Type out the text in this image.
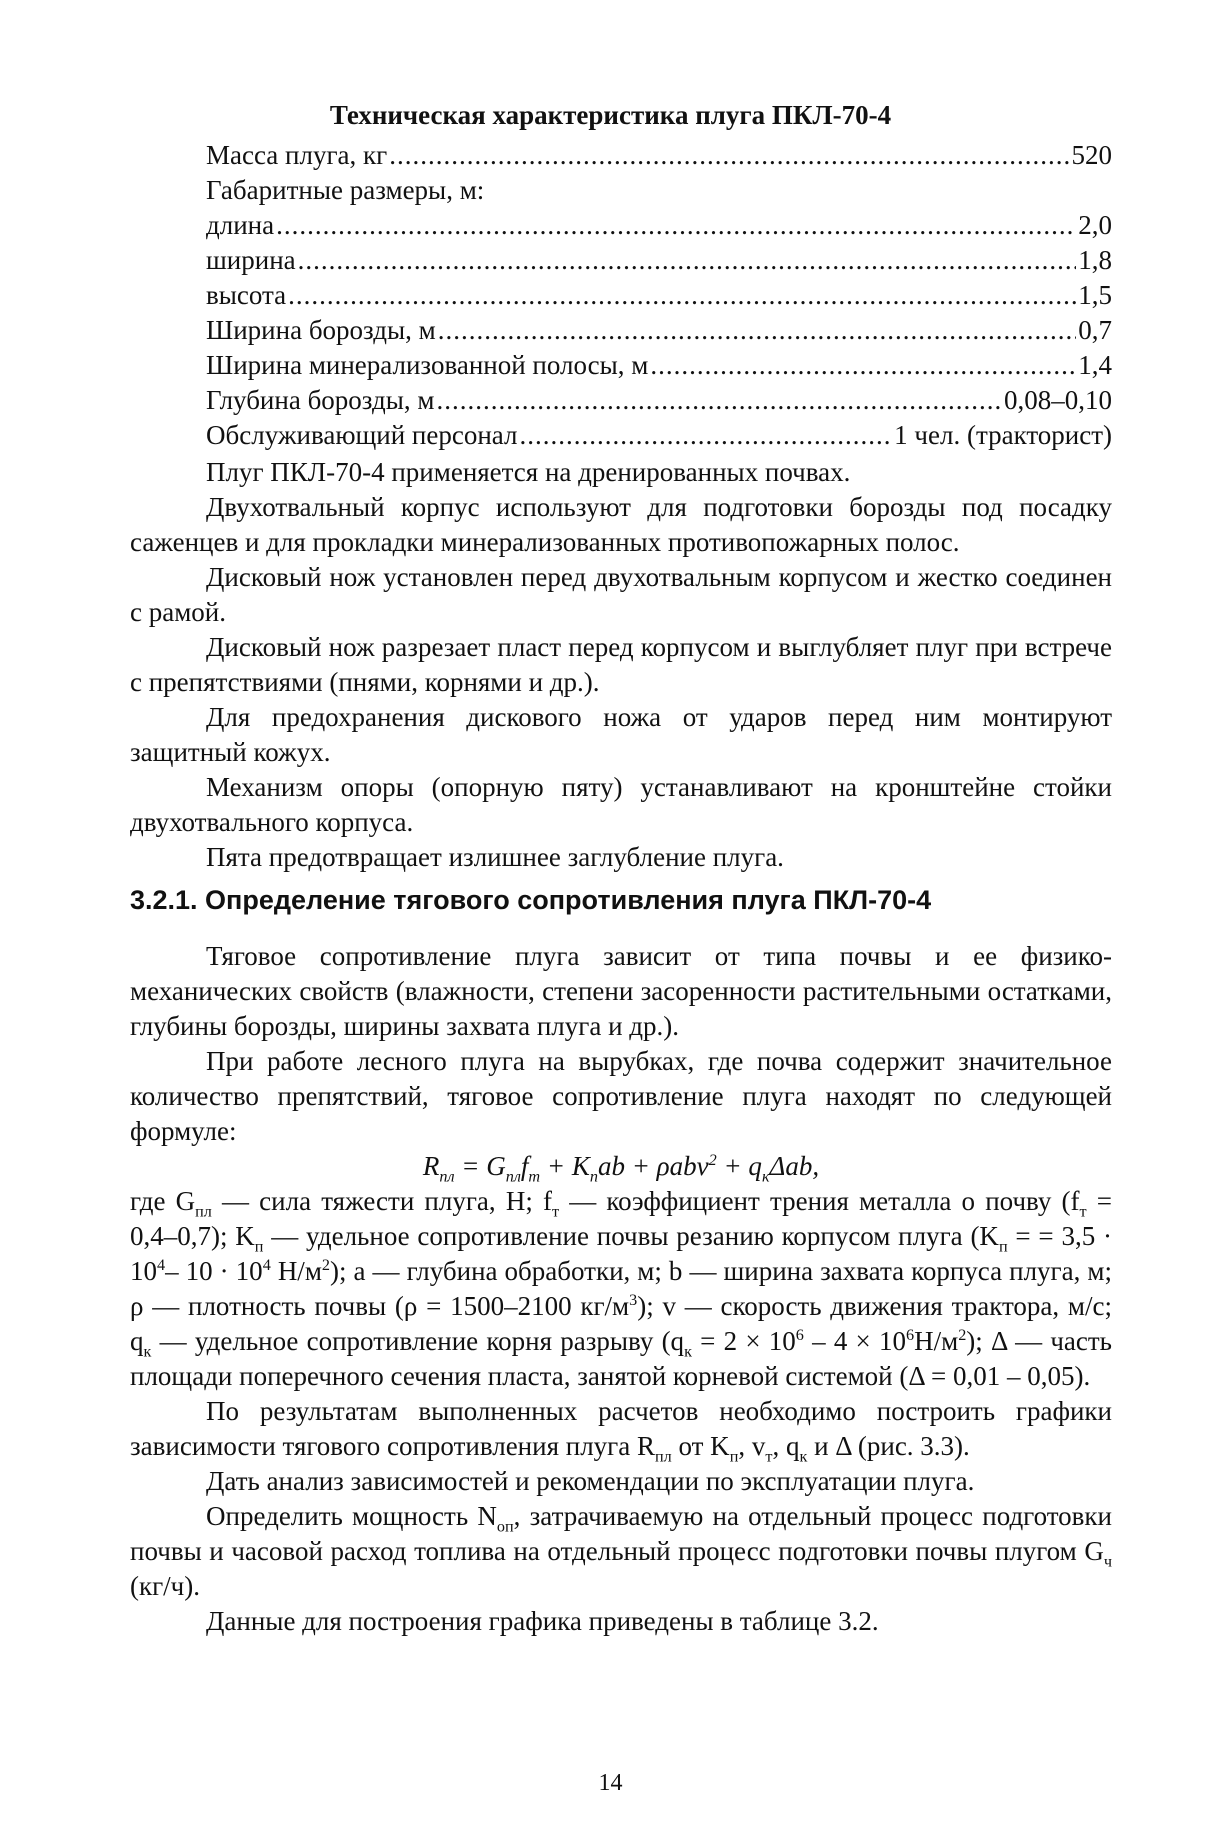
Техническая характеристика плуга ПКЛ-70-4
Масса плуга, кг .....	520
Габаритные размеры, м:
длина .....	2,0
ширина .....	1,8
высота .....	1,5
Ширина борозды, м .....	0,7
Ширина минерализованной полосы, м .....	1,4
Глубина борозды, м .....	0,08–0,10
Обслуживающий персонал .....	1 чел. (тракторист)

Плуг ПКЛ-70-4 применяется на дренированных почвах.

Двухотвальный корпус используют для подготовки борозды под посадку саженцев и для прокладки минерализованных противопожарных полос.

Дисковый нож установлен перед двухотвальным корпусом и жестко соединен с рамой.

Дисковый нож разрезает пласт перед корпусом и выглубляет плуг при встрече с препятствиями (пнями, корнями и др.).

Для предохранения дискового ножа от ударов перед ним монтируют защитный кожух.

Механизм опоры (опорную пяту) устанавливают на кронштейне стойки двухотвального корпуса.

Пята предотвращает излишнее заглубление плуга.

3.2.1. Определение тягового сопротивления плуга ПКЛ-70-4

Тяговое сопротивление плуга зависит от типа почвы и ее физико-механических свойств (влажности, степени засоренности растительными остатками, глубины борозды, ширины захвата плуга и др.).

При работе лесного плуга на вырубках, где почва содержит значительное количество препятствий, тяговое сопротивление плуга находят по следующей формуле:

$R_{пл} = G_{пл}f_т + K_пab + \rho abv^2 + q_к\Delta ab$,

где $G_{пл}$ — сила тяжести плуга, Н; $f_т$ — коэффициент трения металла о почву $(f_т = 0,4-0,7)$; $K_п$ — удельное сопротивление почвы резанию корпусом плуга ($K_п$ = = $3,5 \cdot 10^4-$ $10 \cdot 10^4$ $Н/м^2$); a — глубина обработки, м; b — ширина захвата корпуса плуга, м; ρ — плотность почвы (ρ = 1500–2100 $кг/м^3$); v — скорость движения трактора, м/с; $q_к$ — удельное сопротивление корня разрыву $(q_к = 2 \times 10^6 - 4 \times 10^6Н/м^2)$; Δ — часть площади поперечного сечения пласта, занятой корневой системой (Δ = 0,01 – 0,05).

По результатам выполненных расчетов необходимо построить графики зависимости тягового сопротивления плуга $R_{пл}$ от $K_п$, $v_т$, $q_к$ и Δ (рис. 3.3).

Дать анализ зависимостей и рекомендации по эксплуатации плуга.

Определить мощность $N_{оп}$, затрачиваемую на отдельный процесс подготовки почвы и часовой расход топлива на отдельный процесс подготовки почвы плугом $G_ч$ (кг/ч).

Данные для построения графика приведены в таблице 3.2.

14
